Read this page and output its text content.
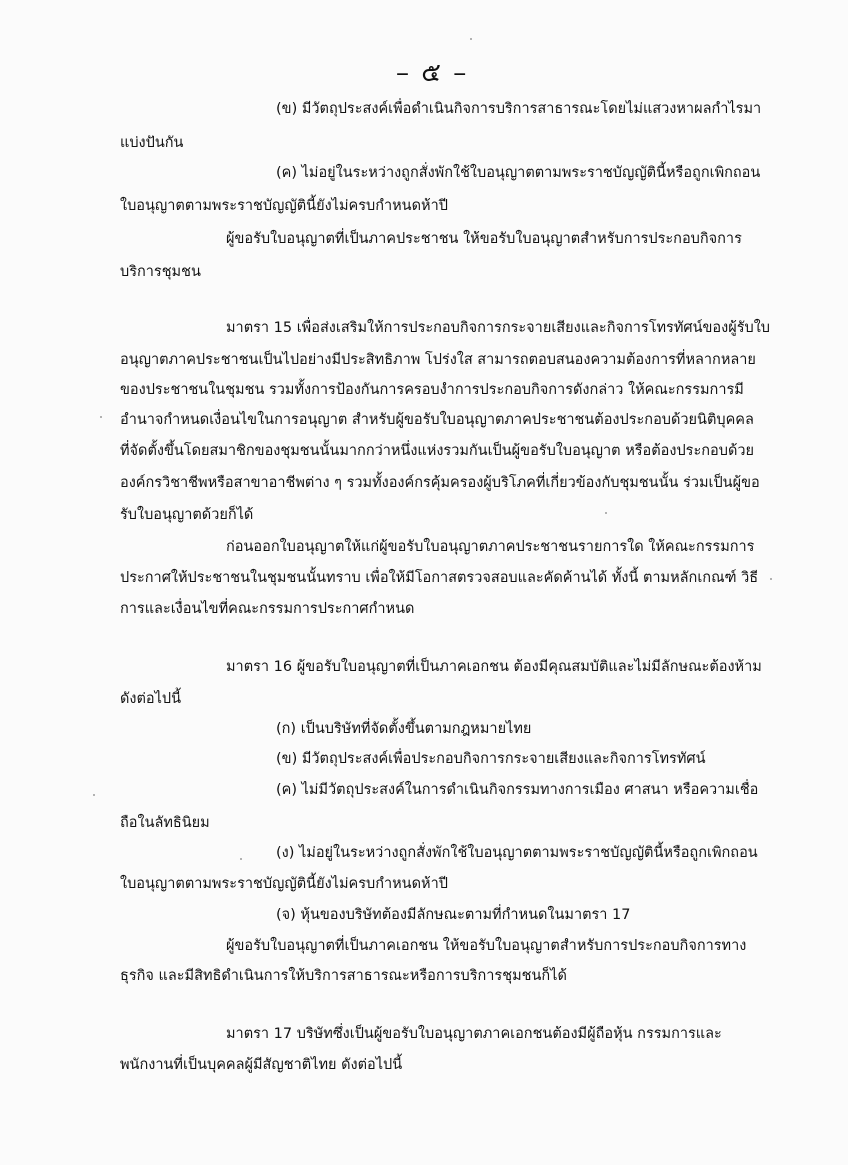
– ๕ –
(ข) มีวัตถุประสงค์เพื่อดำเนินกิจการบริการสาธารณะโดยไม่แสวงหาผลกำไรมา
แบ่งปันกัน
(ค) ไม่อยู่ในระหว่างถูกสั่งพักใช้ใบอนุญาตตามพระราชบัญญัตินี้หรือถูกเพิกถอน
ใบอนุญาตตามพระราชบัญญัตินี้ยังไม่ครบกำหนดห้าปี
ผู้ขอรับใบอนุญาตที่เป็นภาคประชาชน ให้ขอรับใบอนุญาตสำหรับการประกอบกิจการ
บริการชุมชน
มาตรา 15 เพื่อส่งเสริมให้การประกอบกิจการกระจายเสียงและกิจการโทรทัศน์ของผู้รับใบ
อนุญาตภาคประชาชนเป็นไปอย่างมีประสิทธิภาพ โปร่งใส สามารถตอบสนองความต้องการที่หลากหลาย
ของประชาชนในชุมชน รวมทั้งการป้องกันการครอบงำการประกอบกิจการดังกล่าว ให้คณะกรรมการมี
อำนาจกำหนดเงื่อนไขในการอนุญาต สำหรับผู้ขอรับใบอนุญาตภาคประชาชนต้องประกอบด้วยนิติบุคคล
ที่จัดตั้งขึ้นโดยสมาชิกของชุมชนนั้นมากกว่าหนึ่งแห่งรวมกันเป็นผู้ขอรับใบอนุญาต หรือต้องประกอบด้วย
องค์กรวิชาชีพหรือสาขาอาชีพต่าง ๆ รวมทั้งองค์กรคุ้มครองผู้บริโภคที่เกี่ยวข้องกับชุมชนนั้น ร่วมเป็นผู้ขอ
รับใบอนุญาตด้วยก็ได้
ก่อนออกใบอนุญาตให้แก่ผู้ขอรับใบอนุญาตภาคประชาชนรายการใด ให้คณะกรรมการ
ประกาศให้ประชาชนในชุมชนนั้นทราบ เพื่อให้มีโอกาสตรวจสอบและคัดค้านได้ ทั้งนี้ ตามหลักเกณฑ์ วิธี
การและเงื่อนไขที่คณะกรรมการประกาศกำหนด
มาตรา 16 ผู้ขอรับใบอนุญาตที่เป็นภาคเอกชน ต้องมีคุณสมบัติและไม่มีลักษณะต้องห้าม
ดังต่อไปนี้
(ก) เป็นบริษัทที่จัดตั้งขึ้นตามกฎหมายไทย
(ข) มีวัตถุประสงค์เพื่อประกอบกิจการกระจายเสียงและกิจการโทรทัศน์
(ค) ไม่มีวัตถุประสงค์ในการดำเนินกิจกรรมทางการเมือง ศาสนา หรือความเชื่อ
ถือในลัทธินิยม
(ง) ไม่อยู่ในระหว่างถูกสั่งพักใช้ใบอนุญาตตามพระราชบัญญัตินี้หรือถูกเพิกถอน
ใบอนุญาตตามพระราชบัญญัตินี้ยังไม่ครบกำหนดห้าปี
(จ) หุ้นของบริษัทต้องมีลักษณะตามที่กำหนดในมาตรา 17
ผู้ขอรับใบอนุญาตที่เป็นภาคเอกชน ให้ขอรับใบอนุญาตสำหรับการประกอบกิจการทาง
ธุรกิจ และมีสิทธิดำเนินการให้บริการสาธารณะหรือการบริการชุมชนก็ได้
มาตรา 17 บริษัทซึ่งเป็นผู้ขอรับใบอนุญาตภาคเอกชนต้องมีผู้ถือหุ้น กรรมการและ
พนักงานที่เป็นบุคคลผู้มีสัญชาติไทย ดังต่อไปนี้
